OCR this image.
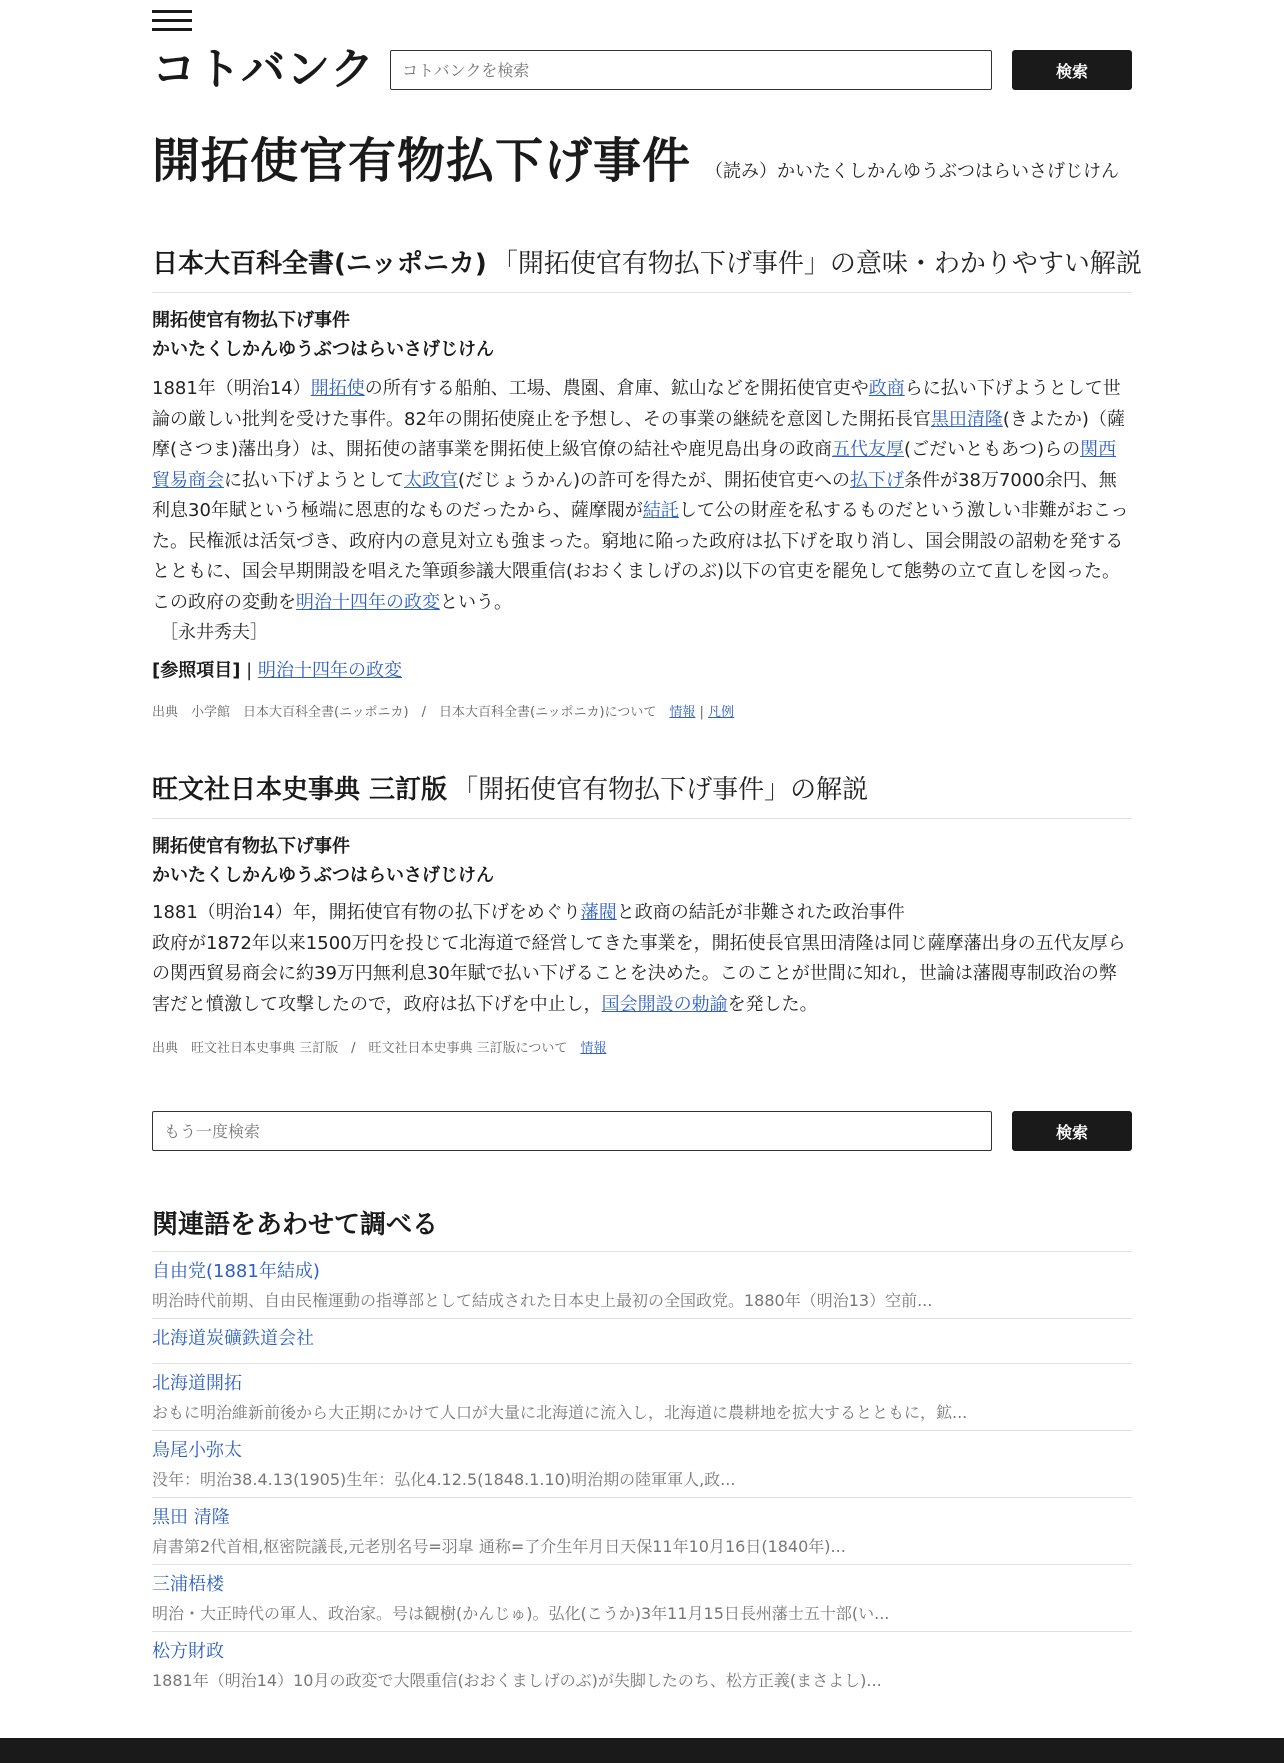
コトバンク
コトバンクを検索	検索
開拓使官有物払下げ事件 （読み）かいたくしかんゆうぶつはらいさげじけん
日本大百科全書(ニッポニカ) 「開拓使官有物払下げ事件」の意味・わかりやすい解説
開拓使官有物払下げ事件
かいたくしかんゆうぶつはらいさげじけん

1881年（明治14）開拓使の所有する船舶、工場、農園、倉庫、鉱山などを開拓使官吏や政商らに払い下げようとして世論の厳しい批判を受けた事件。82年の開拓使廃止を予想し、その事業の継続を意図した開拓長官黒田清隆(きよたか)（薩摩(さつま)藩出身）は、開拓使の諸事業を開拓使上級官僚の結社や鹿児島出身の政商五代友厚(ごだいともあつ)らの関西貿易商会に払い下げようとして太政官(だじょうかん)の許可を得たが、開拓使官吏への払下げ条件が38万7000余円、無利息30年賦という極端に恩恵的なものだったから、薩摩閥が結託して公の財産を私するものだという激しい非難がおこった。民権派は活気づき、政府内の意見対立も強まった。窮地に陥った政府は払下げを取り消し、国会開設の詔勅を発するとともに、国会早期開設を唱えた筆頭参議大隈重信(おおくましげのぶ)以下の官吏を罷免して態勢の立て直しを図った。この政府の変動を明治十四年の政変という。

［永井秀夫］

[参照項目] | 明治十四年の政変
出典　小学館　日本大百科全書(ニッポニカ)　/　日本大百科全書(ニッポニカ)について　情報 | 凡例
旺文社日本史事典 三訂版 「開拓使官有物払下げ事件」の解説
開拓使官有物払下げ事件
かいたくしかんゆうぶつはらいさげじけん

1881（明治14）年，開拓使官有物の払下げをめぐり藩閥と政商の結託が非難された政治事件

政府が1872年以来1500万円を投じて北海道で経営してきた事業を，開拓使長官黒田清隆は同じ薩摩藩出身の五代友厚らの関西貿易商会に約39万円無利息30年賦で払い下げることを決めた。このことが世間に知れ，世論は藩閥専制政治の弊害だと憤激して攻撃したので，政府は払下げを中止し，国会開設の勅諭を発した。

出典　旺文社日本史事典 三訂版　/　旺文社日本史事典 三訂版について　情報
もう一度検索
検索
関連語をあわせて調べる
自由党(1881年結成)
明治時代前期、自由民権運動の指導部として結成された日本史上最初の全国政党。1880年（明治13）空前...
北海道炭礦鉄道会社
北海道開拓
おもに明治維新前後から大正期にかけて人口が大量に北海道に流入し，北海道に農耕地を拡大するとともに，鉱...
鳥尾小弥太
没年：明治38.4.13(1905)生年：弘化4.12.5(1848.1.10)明治期の陸軍軍人,政...
黒田 清隆
肩書第2代首相,枢密院議長,元老別名号=羽皐 通称=了介生年月日天保11年10月16日(1840年)...
三浦梧楼
明治・大正時代の軍人、政治家。号は観樹(かんじゅ)。弘化(こうか)3年11月15日長州藩士五十部(い...
松方財政
1881年（明治14）10月の政変で大隈重信(おおくましげのぶ)が失脚したのち、松方正義(まさよし)...
